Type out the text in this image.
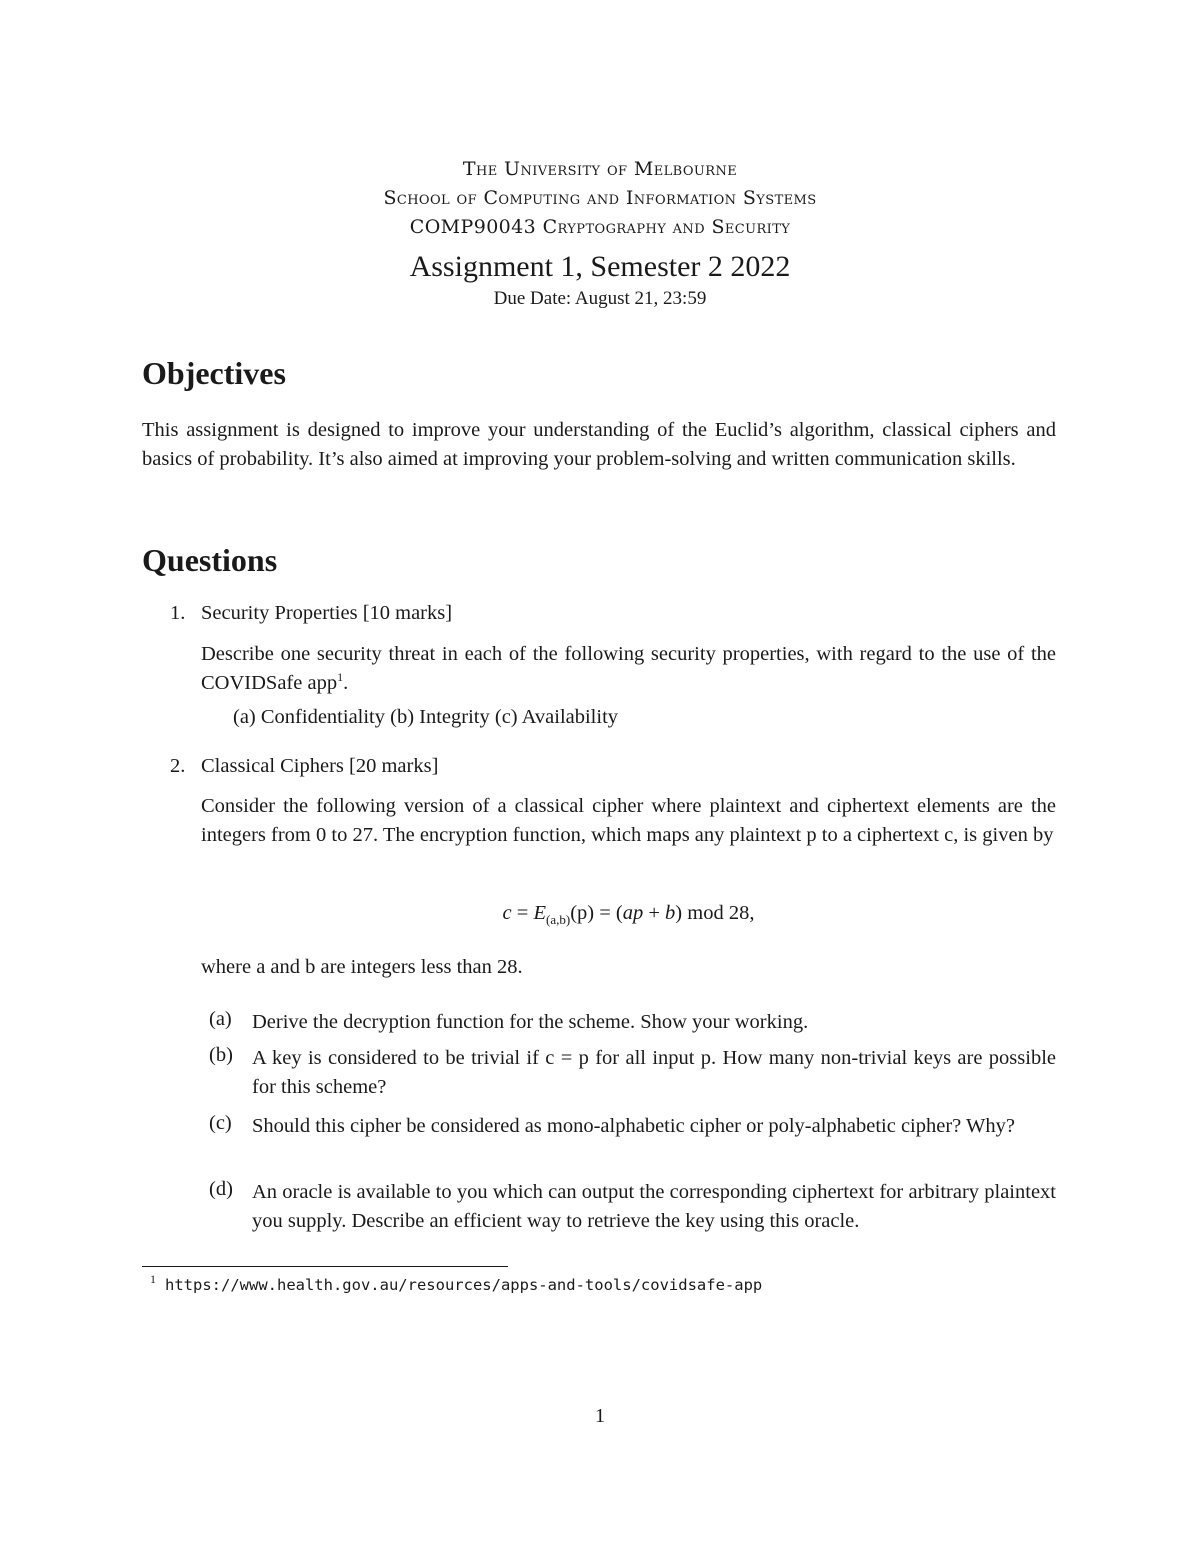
The University of Melbourne
School of Computing and Information Systems
COMP90043 Cryptography and Security
Assignment 1, Semester 2 2022
Due Date: August 21, 23:59
Objectives

This assignment is designed to improve your understanding of the Euclid’s algorithm, classical ciphers and basics of probability. It’s also aimed at improving your problem-solving and written communication skills.

Questions
1. Security Properties [10 marks]

Describe one security threat in each of the following security properties, with regard to the use of the COVIDSafe app$^1$.

(a) Confidentiality (b) Integrity (c) Availability
2. Classical Ciphers [20 marks]

Consider the following version of a classical cipher where plaintext and ciphertext elements are the integers from 0 to 27. The encryption function, which maps any plaintext p to a ciphertext c, is given by

$c = E_{(a,b)}(p) = (ap + b)$ mod 28,

where a and b are integers less than 28.

(a) Derive the decryption function for the scheme. Show your working.

(b) A key is considered to be trivial if c = p for all input p. How many non-trivial keys are possible for this scheme?

(c) Should this cipher be considered as mono-alphabetic cipher or poly-alphabetic cipher? Why?

(d) An oracle is available to you which can output the corresponding ciphertext for arbitrary plaintext you supply. Describe an efficient way to retrieve the key using this oracle.

1 https://www.health.gov.au/resources/apps-and-tools/covidsafe-app
1
